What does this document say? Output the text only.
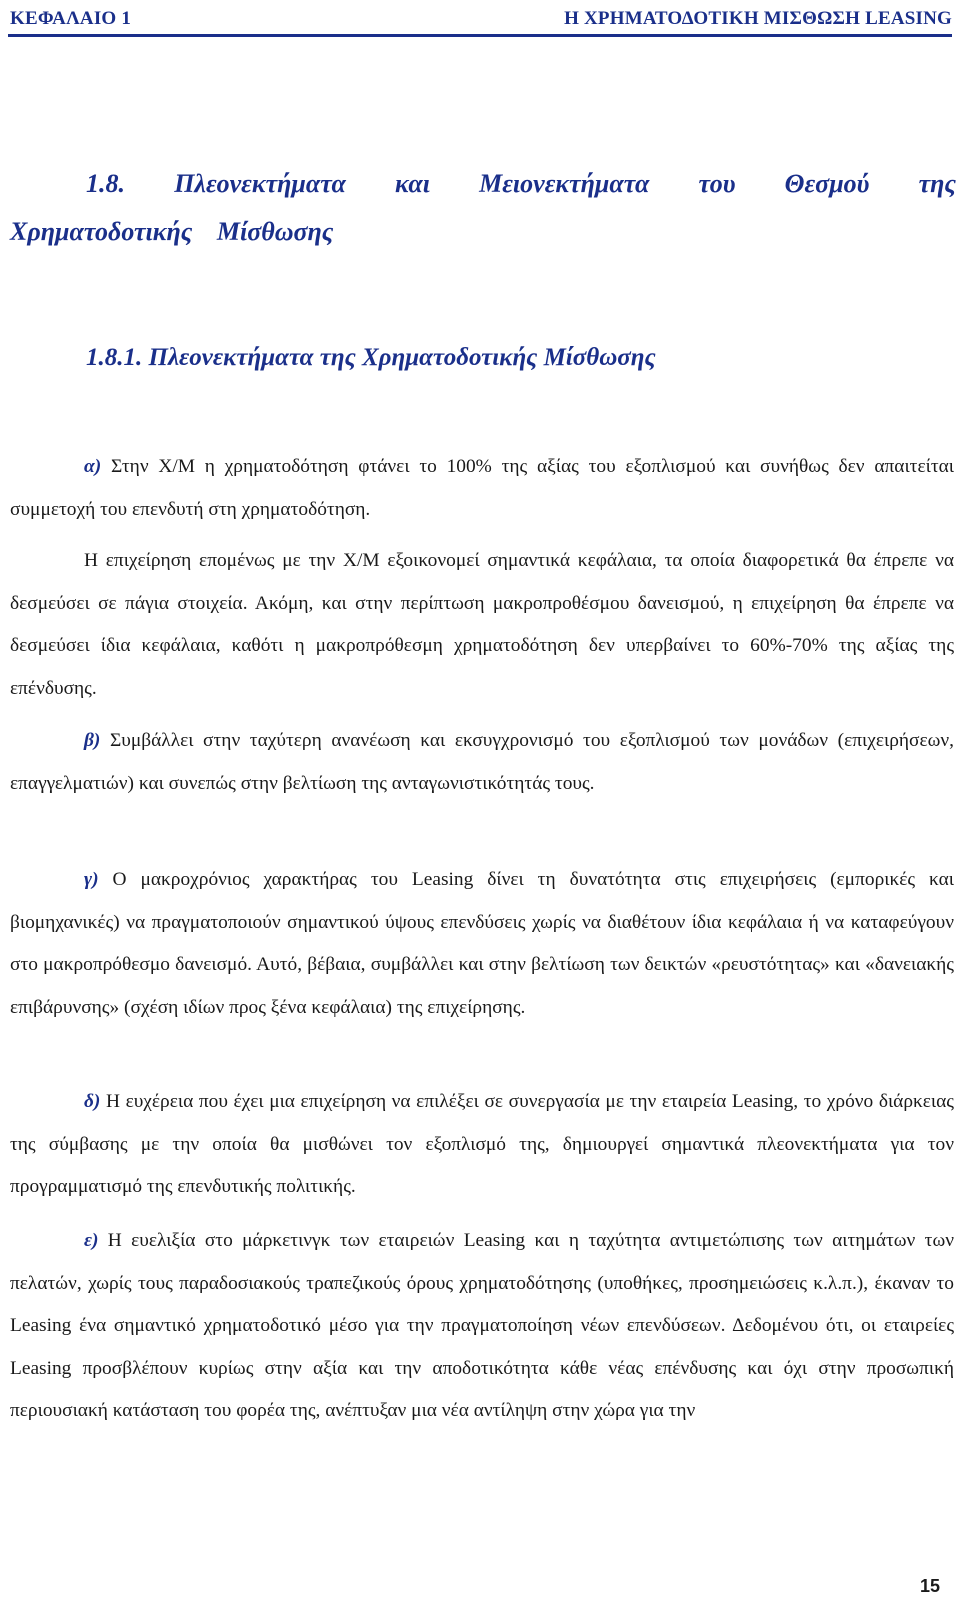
ΚΕΦΑΛΑΙΟ 1	Η ΧΡΗΜΑΤΟΔΟΤΙΚΗ ΜΙΣΘΩΣΗ LEASING
1.8. Πλεονεκτήματα και Μειονεκτήματα του Θεσμού της Χρηματοδοτικής Μίσθωσης
1.8.1. Πλεονεκτήματα της Χρηματοδοτικής Μίσθωσης

α) Στην Χ/Μ η χρηματοδότηση φτάνει το 100% της αξίας του εξοπλισμού και συνήθως δεν απαιτείται συμμετοχή του επενδυτή στη χρηματοδότηση.

Η επιχείρηση επομένως με την Χ/Μ εξοικονομεί σημαντικά κεφάλαια, τα οποία διαφορετικά θα έπρεπε να δεσμεύσει σε πάγια στοιχεία. Ακόμη, και στην περίπτωση μακροπροθέσμου δανεισμού, η επιχείρηση θα έπρεπε να δεσμεύσει ίδια κεφάλαια, καθότι η μακροπρόθεσμη χρηματοδότηση δεν υπερβαίνει το 60%-70% της αξίας της επένδυσης.

β) Συμβάλλει στην ταχύτερη ανανέωση και εκσυγχρονισμό του εξοπλισμού των μονάδων (επιχειρήσεων, επαγγελματιών) και συνεπώς στην βελτίωση της ανταγωνιστικότητάς τους.

γ) Ο μακροχρόνιος χαρακτήρας του Leasing δίνει τη δυνατότητα στις επιχειρήσεις (εμπορικές και βιομηχανικές) να πραγματοποιούν σημαντικού ύψους επενδύσεις χωρίς να διαθέτουν ίδια κεφάλαια ή να καταφεύγουν στο μακροπρόθεσμο δανεισμό. Αυτό, βέβαια, συμβάλλει και στην βελτίωση των δεικτών «ρευστότητας» και «δανειακής επιβάρυνσης» (σχέση ιδίων προς ξένα κεφάλαια) της επιχείρησης.

δ) Η ευχέρεια που έχει μια επιχείρηση να επιλέξει σε συνεργασία με την εταιρεία Leasing, το χρόνο διάρκειας της σύμβασης με την οποία θα μισθώνει τον εξοπλισμό της, δημιουργεί σημαντικά πλεονεκτήματα για τον προγραμματισμό της επενδυτικής πολιτικής.

ε) Η ευελιξία στο μάρκετινγκ των εταιρειών Leasing και η ταχύτητα αντιμετώπισης των αιτημάτων των πελατών, χωρίς τους παραδοσιακούς τραπεζικούς όρους χρηματοδότησης (υποθήκες, προσημειώσεις κ.λ.π.), έκαναν το Leasing ένα σημαντικό χρηματοδοτικό μέσο για την πραγματοποίηση νέων επενδύσεων. Δεδομένου ότι, οι εταιρείες Leasing προσβλέπουν κυρίως στην αξία και την αποδοτικότητα κάθε νέας επένδυσης και όχι στην προσωπική περιουσιακή κατάσταση του φορέα της, ανέπτυξαν μια νέα αντίληψη στην χώρα για την

15
